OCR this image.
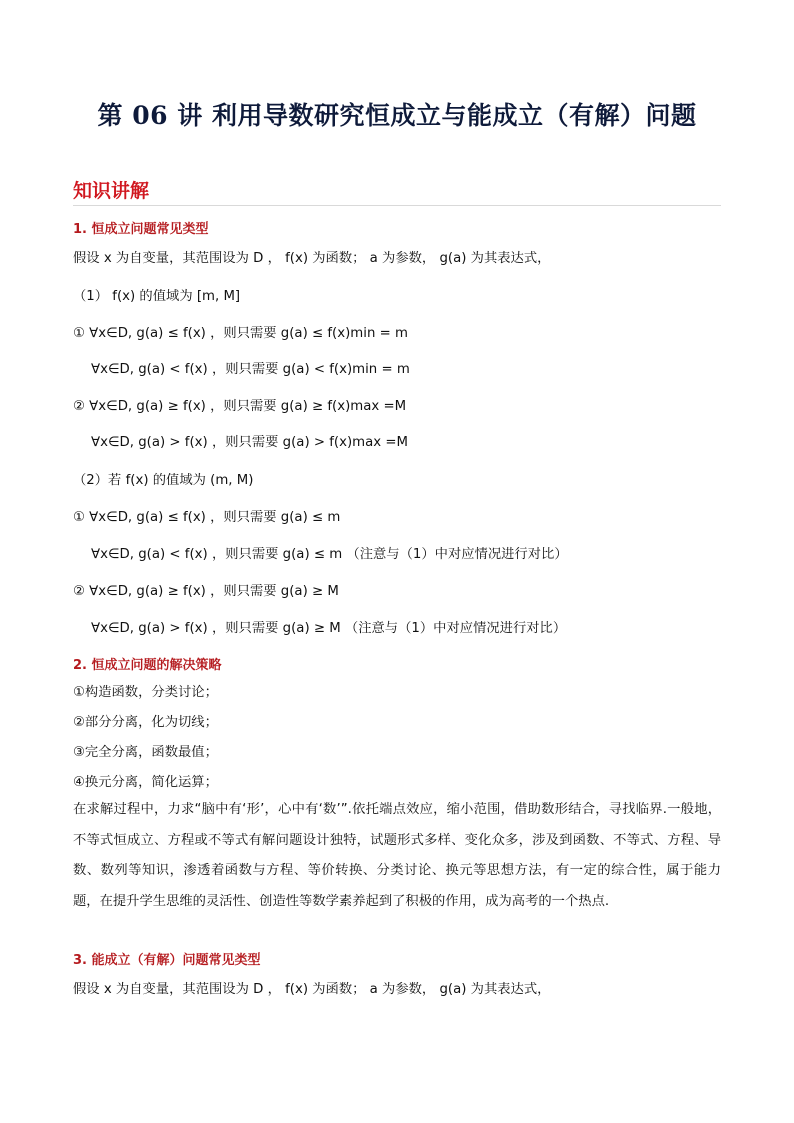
第 06 讲 利用导数研究恒成立与能成立（有解）问题
知识讲解
1. 恒成立问题常见类型
假设 x 为自变量，其范围设为 D ， f(x) 为函数； a 为参数， g(a) 为其表达式，
（1） f(x) 的值域为 [m, M]
① ∀x∈D, g(a) ≤ f(x) ，则只需要 g(a) ≤ f(x)min = m
∀x∈D, g(a) < f(x) ，则只需要 g(a) < f(x)min = m
② ∀x∈D, g(a) ≥ f(x) ，则只需要 g(a) ≥ f(x)max =M
∀x∈D, g(a) > f(x) ，则只需要 g(a) > f(x)max =M
（2）若 f(x) 的值域为 (m, M)
① ∀x∈D, g(a) ≤ f(x) ，则只需要 g(a) ≤ m
∀x∈D, g(a) < f(x) ，则只需要 g(a) ≤ m （注意与（1）中对应情况进行对比）
② ∀x∈D, g(a) ≥ f(x) ，则只需要 g(a) ≥ M
∀x∈D, g(a) > f(x) ，则只需要 g(a) ≥ M （注意与（1）中对应情况进行对比）
2. 恒成立问题的解决策略
①构造函数，分类讨论；
②部分分离，化为切线；
③完全分离，函数最值；
④换元分离，简化运算；
在求解过程中，力求“脑中有‘形’，心中有‘数’”.依托端点效应，缩小范围，借助数形结合，寻找临界.一般地，不等式恒成立、方程或不等式有解问题设计独特，试题形式多样、变化众多，涉及到函数、不等式、方程、导数、数列等知识，渗透着函数与方程、等价转换、分类讨论、换元等思想方法，有一定的综合性，属于能力题，在提升学生思维的灵活性、创造性等数学素养起到了积极的作用，成为高考的一个热点.
3. 能成立（有解）问题常见类型
假设 x 为自变量，其范围设为 D ， f(x) 为函数； a 为参数， g(a) 为其表达式，
